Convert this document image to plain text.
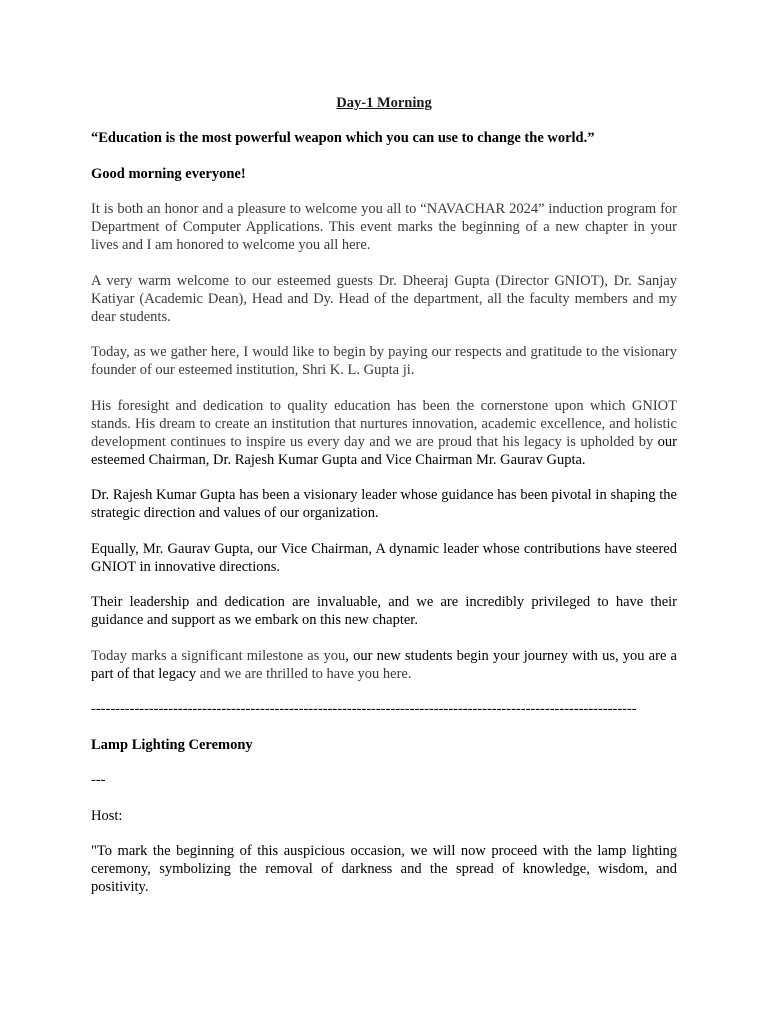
Day-1 Morning

“Education is the most powerful weapon which you can use to change the world.”

Good morning everyone!

It is both an honor and a pleasure to welcome you all to “NAVACHAR 2024” induction program for Department of Computer Applications. This event marks the beginning of a new chapter in your lives and I am honored to welcome you all here.

A very warm welcome to our esteemed guests Dr. Dheeraj Gupta (Director GNIOT), Dr. Sanjay Katiyar (Academic Dean), Head and Dy. Head of the department, all the faculty members and my dear students.

Today, as we gather here, I would like to begin by paying our respects and gratitude to the visionary founder of our esteemed institution, Shri K. L. Gupta ji.

His foresight and dedication to quality education has been the cornerstone upon which GNIOT stands. His dream to create an institution that nurtures innovation, academic excellence, and holistic development continues to inspire us every day and we are proud that his legacy is upholded by our esteemed Chairman, Dr. Rajesh Kumar Gupta and Vice Chairman Mr. Gaurav Gupta.

Dr. Rajesh Kumar Gupta has been a visionary leader whose guidance has been pivotal in shaping the strategic direction and values of our organization.

Equally, Mr. Gaurav Gupta, our Vice Chairman, A dynamic leader whose contributions have steered GNIOT in innovative directions.

Their leadership and dedication are invaluable, and we are incredibly privileged to have their guidance and support as we embark on this new chapter.

Today marks a significant milestone as you, our new students begin your journey with us, you are a part of that legacy and we are thrilled to have you here.

-----------------------------------------------------------------------------------------------------------------

Lamp Lighting Ceremony

---

Host:

"To mark the beginning of this auspicious occasion, we will now proceed with the lamp lighting ceremony, symbolizing the removal of darkness and the spread of knowledge, wisdom, and positivity.
